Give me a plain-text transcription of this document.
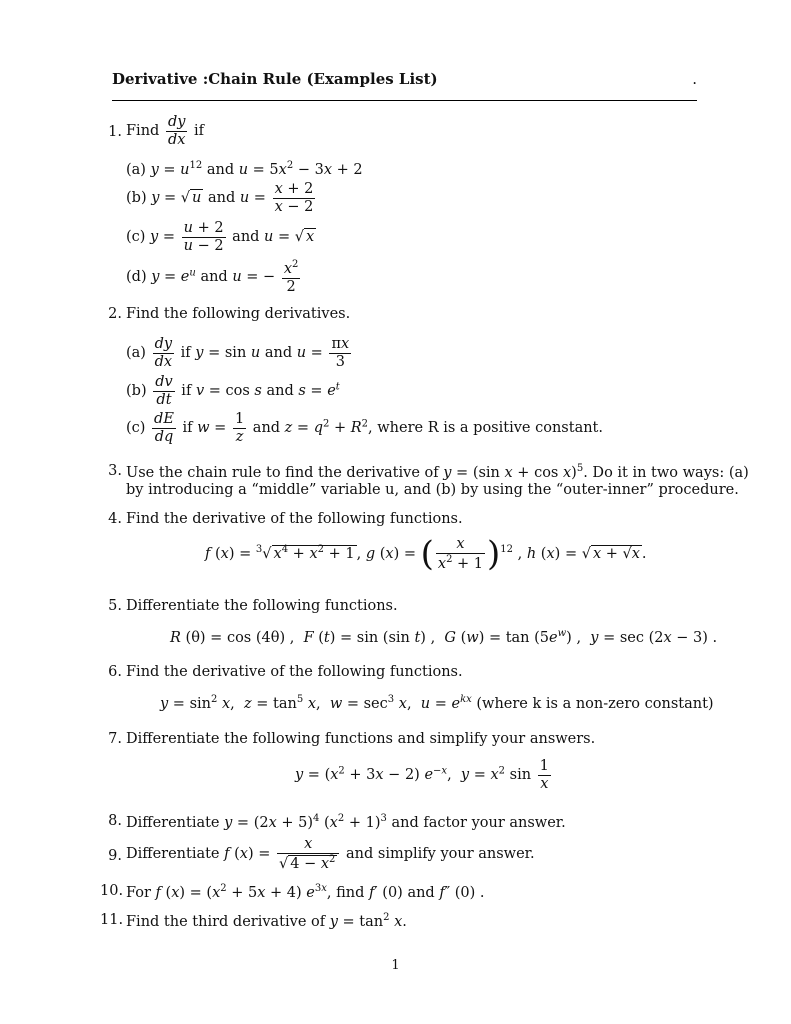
Derivative :Chain Rule (Examples List)	.
1. Find $\frac{dy}{dx}$ if
(a) $y = u^{12}$ and $u = 5x^2 - 3x + 2$
(b) y = √ u and $u = \frac{x + 2}{x - 2}$
(c) $y = \frac{u + 2}{u - 2}$ and u = √ x
(d) $y = e^u$ and u = − $\frac{x^2}{2}$
2. Find the following derivatives.
$(a) \frac{dy}{dx}$ if y = sin u and $u = \frac{\pi x}{3}$
$(b) \frac{dv}{dt}$ if v = cos s and $s = e^t$
$(c) \frac{dE}{dq}$ if $w = \frac{1}{z}$ and $z = q^2 + R^2$, where R is a positive constant.
3. Use the chain rule to find the derivative of y = (sin x + cos x)$^5$. Do it in two ways: (a)
by introducing a “middle” variable u, and (b) by using the “outer-inner” procedure.
4. Find the derivative of the following functions.
f (x) = $^3$√ $x^4 + x^2 + 1$ , g (x) = ( $\frac{x}{x^2 + 1} )^{12}$ , h (x) = √ x + √x .
5. Differentiate the following functions.
R (θ) = cos (4θ) ,  F (t) = sin (sin t) ,  G $(w) = \tan (5e^w)$ ,  y = sec (2x − 3) .
6. Find the derivative of the following functions.
$y = \sin^2 x$,  $z = \tan^5 x$,  $w = \sec^3 x$,  $u = e^{kx}$ (where k is a non-zero constant)
7. Differentiate the following functions and simplify your answers.
$y = (x^2 + 3x - 2)$ $e^{-x}$,  $y = x^2$ $\sin \frac{1}{x}$
8. Differentiate $y = (2x + 5)^4$ $(x^2 + 1)^3$ and factor your answer.
9. Differentiate f $(x) = \frac{x}{√ 4 - x^2}$ and simplify your answer.
10. For f $(x) = (x^2 + 5x + 4)$ $e^{3x}$, find f′ (0) and f″ (0) .
11. Find the third derivative of $y = \tan^2 x$.
1
